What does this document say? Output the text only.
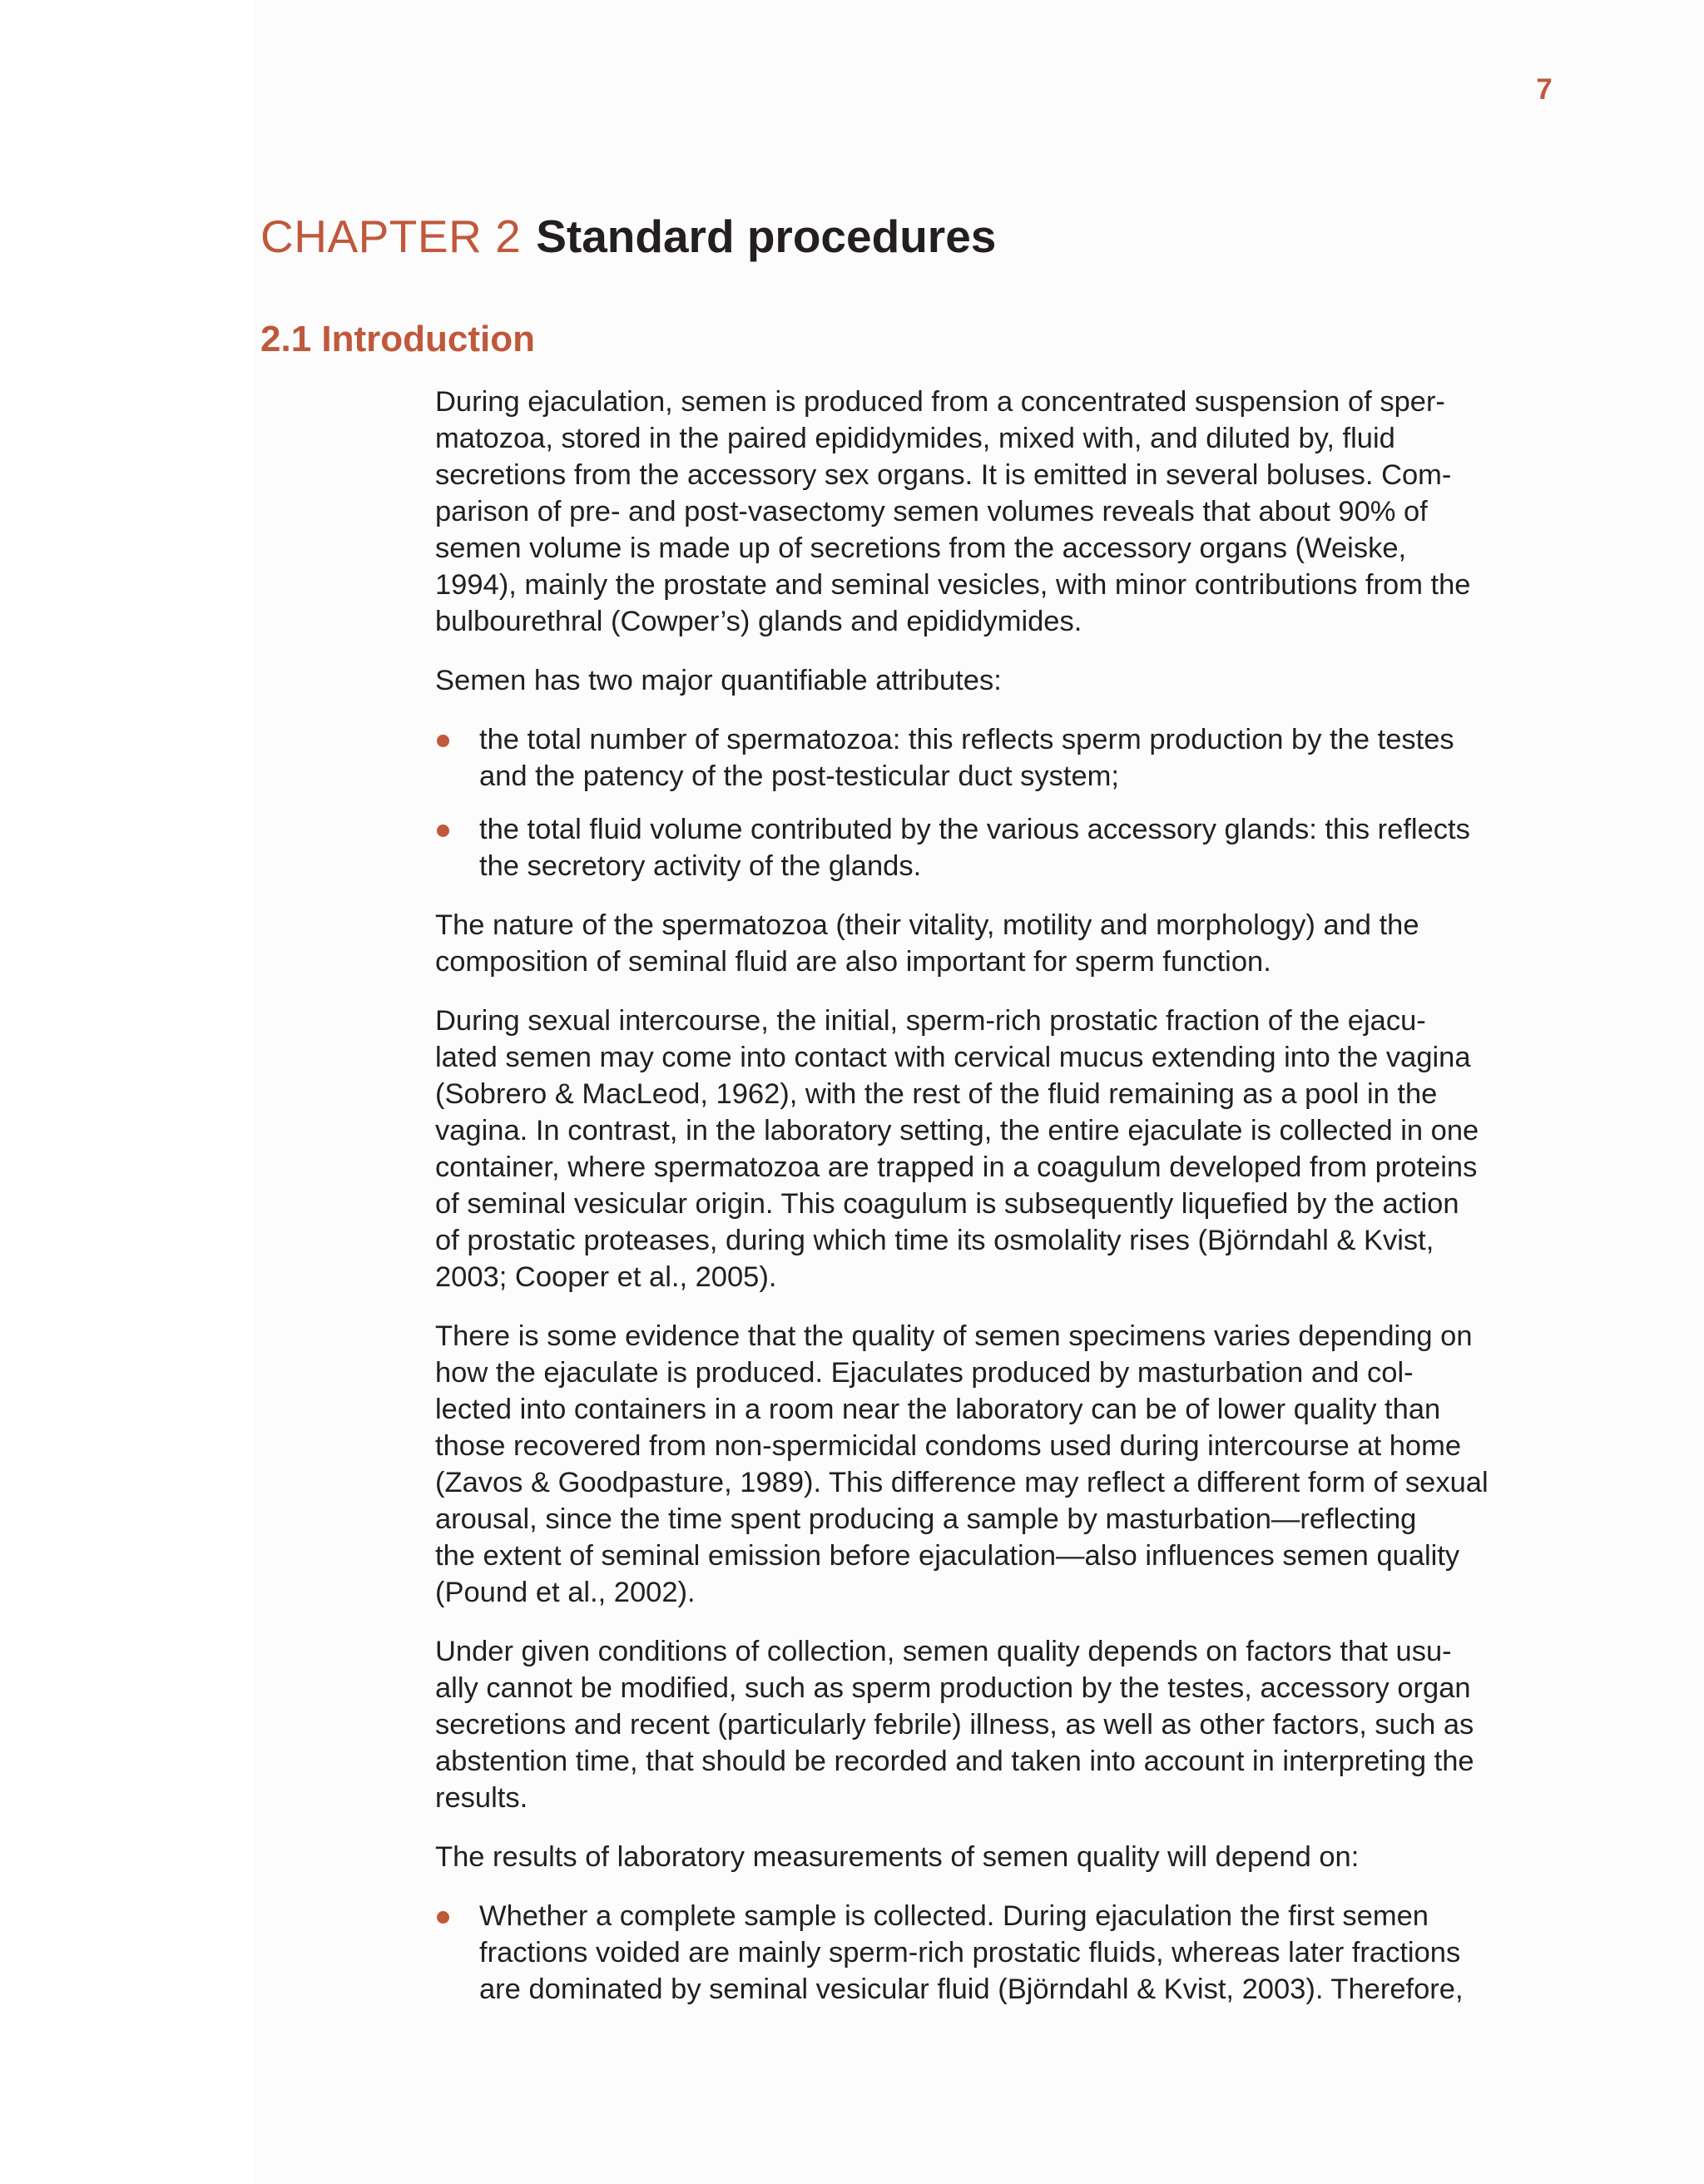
7
CHAPTER 2 Standard procedures
2.1 Introduction

During ejaculation, semen is produced from a concentrated suspension of sper-
matozoa, stored in the paired epididymides, mixed with, and diluted by, fluid
secretions from the accessory sex organs. It is emitted in several boluses. Com-
parison of pre- and post-vasectomy semen volumes reveals that about 90% of
semen volume is made up of secretions from the accessory organs (Weiske,
1994), mainly the prostate and seminal vesicles, with minor contributions from the
bulbourethral (Cowper’s) glands and epididymides.

Semen has two major quantifiable attributes:

the total number of spermatozoa: this reflects sperm production by the testes
and the patency of the post-testicular duct system;
the total fluid volume contributed by the various accessory glands: this reflects
the secretory activity of the glands.

The nature of the spermatozoa (their vitality, motility and morphology) and the
composition of seminal fluid are also important for sperm function.

During sexual intercourse, the initial, sperm-rich prostatic fraction of the ejacu-
lated semen may come into contact with cervical mucus extending into the vagina
(Sobrero & MacLeod, 1962), with the rest of the fluid remaining as a pool in the
vagina. In contrast, in the laboratory setting, the entire ejaculate is collected in one
container, where spermatozoa are trapped in a coagulum developed from proteins
of seminal vesicular origin. This coagulum is subsequently liquefied by the action
of prostatic proteases, during which time its osmolality rises (Björndahl & Kvist,
2003; Cooper et al., 2005).

There is some evidence that the quality of semen specimens varies depending on
how the ejaculate is produced. Ejaculates produced by masturbation and col-
lected into containers in a room near the laboratory can be of lower quality than
those recovered from non-spermicidal condoms used during intercourse at home
(Zavos & Goodpasture, 1989). This difference may reflect a different form of sexual
arousal, since the time spent producing a sample by masturbation—reflecting
the extent of seminal emission before ejaculation—also influences semen quality
(Pound et al., 2002).

Under given conditions of collection, semen quality depends on factors that usu-
ally cannot be modified, such as sperm production by the testes, accessory organ
secretions and recent (particularly febrile) illness, as well as other factors, such as
abstention time, that should be recorded and taken into account in interpreting the
results.

The results of laboratory measurements of semen quality will depend on:

Whether a complete sample is collected. During ejaculation the first semen
fractions voided are mainly sperm-rich prostatic fluids, whereas later fractions
are dominated by seminal vesicular fluid (Björndahl & Kvist, 2003). Therefore,
